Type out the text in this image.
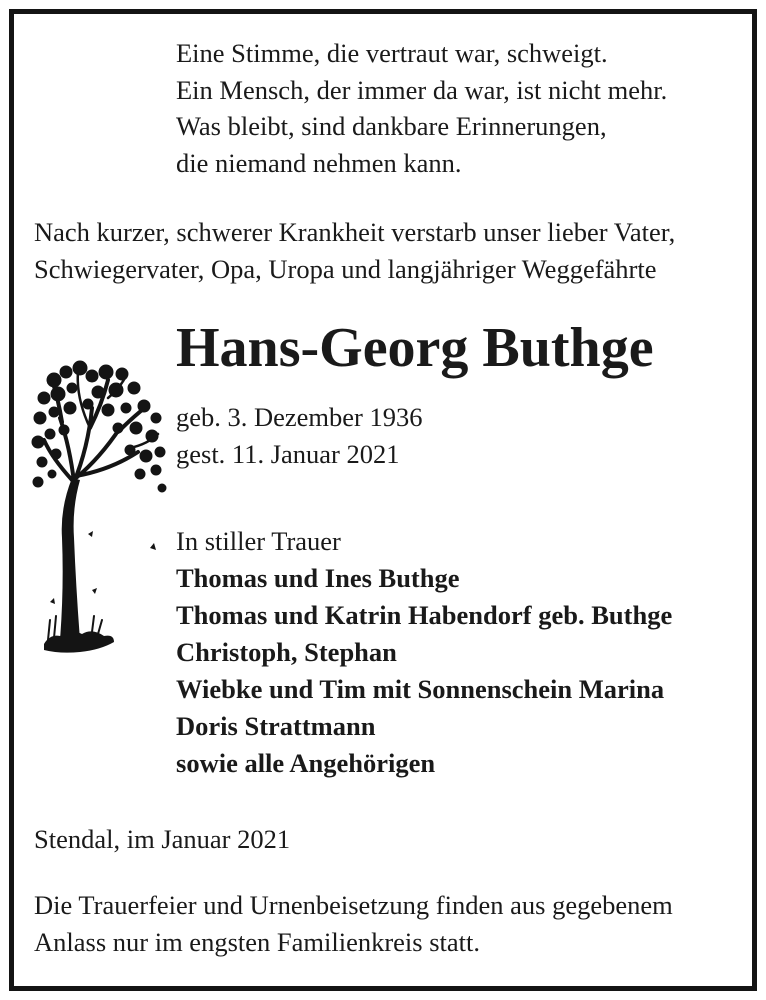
Eine Stimme, die vertraut war, schweigt.
Ein Mensch, der immer da war, ist nicht mehr.
Was bleibt, sind dankbare Erinnerungen,
die niemand nehmen kann.
Nach kurzer, schwerer Krankheit verstarb unser lieber Vater,
Schwiegervater, Opa, Uropa und langjähriger Weggefährte
Hans-Georg Buthge
geb. 3. Dezember 1936
gest. 11. Januar 2021
In stiller Trauer
Thomas und Ines Buthge
Thomas und Katrin Habendorf geb. Buthge
Christoph, Stephan
Wiebke und Tim mit Sonnenschein Marina
Doris Strattmann
sowie alle Angehörigen
Stendal, im Januar 2021
Die Trauerfeier und Urnenbeisetzung finden aus gegebenem
Anlass nur im engsten Familienkreis statt.
